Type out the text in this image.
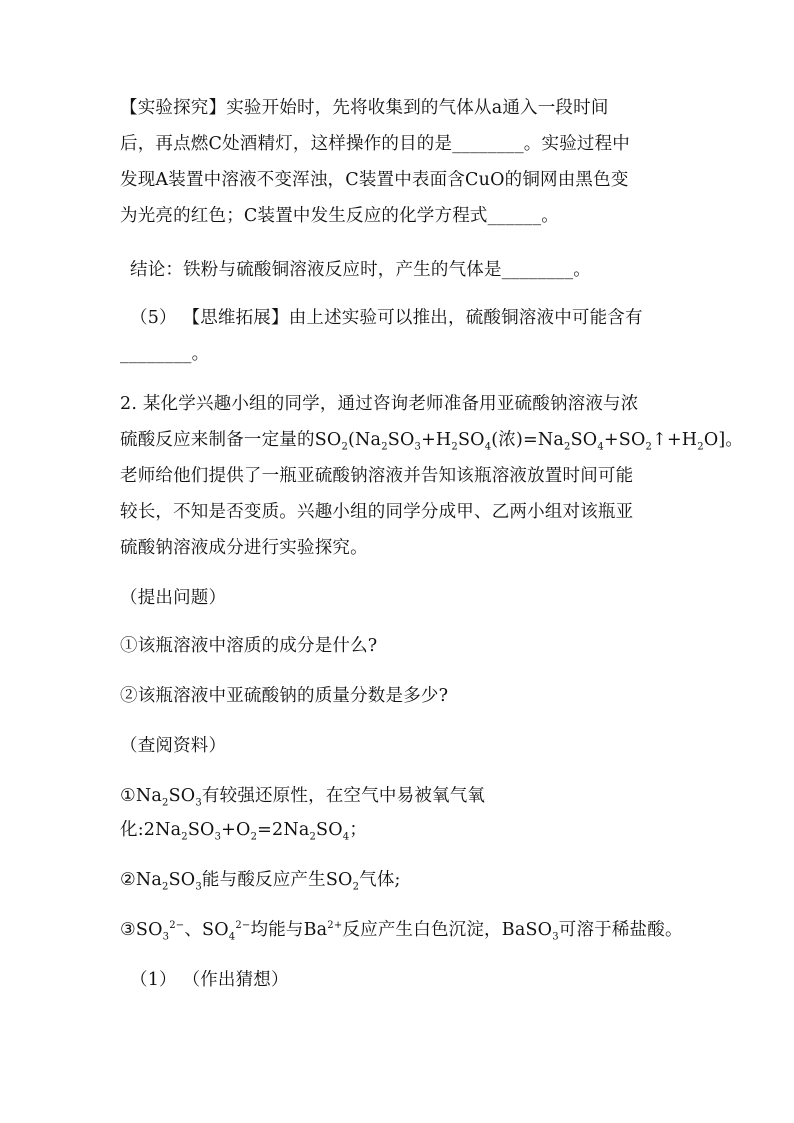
【实验探究】实验开始时，先将收集到的气体从a通入一段时间
后，再点燃C处酒精灯，这样操作的目的是________。实验过程中
发现A装置中溶液不变浑浊，C装置中表面含CuO的铜网由黑色变
为光亮的红色；C装置中发生反应的化学方程式______。
结论：铁粉与硫酸铜溶液反应时，产生的气体是________。
（5） 【思维拓展】由上述实验可以推出，硫酸铜溶液中可能含有
________。
2. 某化学兴趣小组的同学，通过咨询老师准备用亚硫酸钠溶液与浓
硫酸反应来制备一定量的$SO_2(Na_2SO_3+H_2SO_4$(浓)$=Na_2SO_4+SO_2↑+H_2O$]。
老师给他们提供了一瓶亚硫酸钠溶液并告知该瓶溶液放置时间可能
较长，不知是否变质。兴趣小组的同学分成甲、乙两小组对该瓶亚
硫酸钠溶液成分进行实验探究。
（提出问题）
①该瓶溶液中溶质的成分是什么?
②该瓶溶液中亚硫酸钠的质量分数是多少?
（查阅资料）
$①Na_2SO_3$有较强还原性，在空气中易被氧气氧
化$:2Na_2SO_3+O_2=2Na_2SO_4$；
$②Na_2SO_3$能与酸反应产生$SO_2$气体;
$③SO_3^{2-}$、$SO_4^{2-}$均能与$Ba^{2+}$反应产生白色沉淀，BaSO$_3$可溶于稀盐酸。
（1） （作出猜想）
